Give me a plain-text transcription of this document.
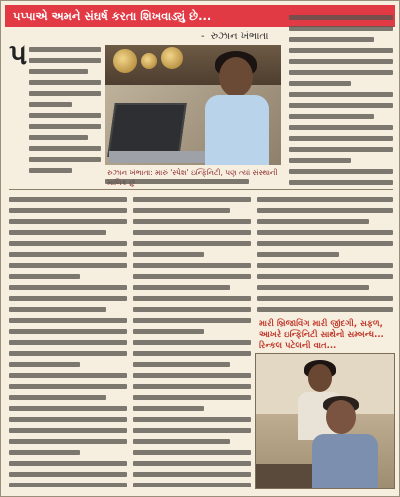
પપ્પાએ અમને સંઘર્ષ કરતા શિખવાડ્યું છે...
- રુઝાન ખંભાતા
પ
રુઝાન ખંભાતા: મારું 'સ્પેશ' ઇન્ફિનિટી, પણ ત્યાં સંસ્થાની
મારી બ્રિજાવિંગ મારી જીંદગી, સફળ, આખરે ઇન્ફિનિટી સાથેનો સમ્બન્ધ... રિન્કલ પટેલની વાત...
